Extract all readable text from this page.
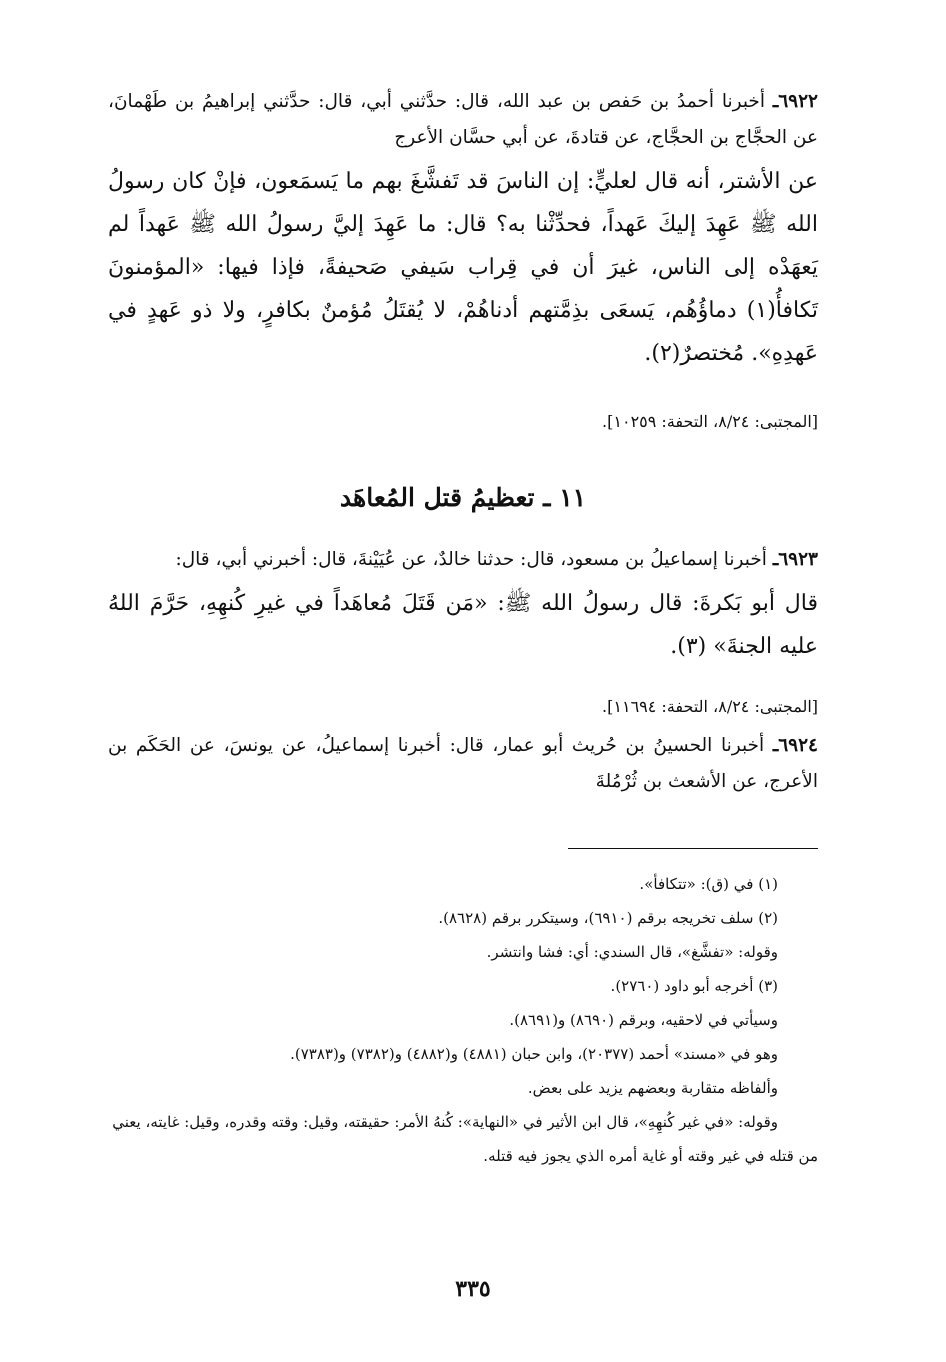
٦٩٢٢ـ أخبرنا أحمدُ بن حَفص بن عبد الله، قال: حدَّثني أبي، قال: حدَّثني إبراهيمُ بن طَهْمانَ، عن الحجَّاج بن الحجَّاج، عن قتادةَ، عن أبي حسَّان الأعرج

عن الأشتر، أنه قال لعليٍّ: إن الناسَ قد تَفشَّغَ بهم ما يَسمَعون، فإنْ كان رسولُ الله ﷺ عَهِدَ إليكَ عَهداً، فحدِّثْنا به؟ قال: ما عَهِدَ إليَّ رسولُ الله ﷺ عَهداً لم يَعهَدْه إلى الناس، غيرَ أن في قِراب سَيفي صَحيفةً، فإذا فيها: «المؤمنونَ تَكافأُ(١) دماؤُهُم، يَسعَى بذِمَّتهم أدناهُمْ، لا يُقتَلُ مُؤمنٌ بكافرٍ، ولا ذو عَهدٍ في عَهدِهِ». مُختصرٌ(٢).

[المجتبى: ٨/٢٤، التحفة: ١٠٢٥٩].

١١ ـ تعظيمُ قتل المُعاهَد

٦٩٢٣ـ أخبرنا إسماعيلُ بن مسعود، قال: حدثنا خالدٌ، عن عُيَيْنةَ، قال: أخبرني أبي، قال:

قال أبو بَكرةَ: قال رسولُ الله ﷺ: «مَن قَتَلَ مُعاهَداً في غيرِ كُنهِهِ، حَرَّمَ اللهُ عليه الجنةَ» (٣).

[المجتبى: ٨/٢٤، التحفة: ١١٦٩٤].

٦٩٢٤ـ أخبرنا الحسينُ بن حُريث أبو عمار، قال: أخبرنا إسماعيلُ، عن يونسَ، عن الحَكَم بن الأعرج، عن الأشعث بن ثُرْمُلةَ

(١) في (ق): «تتكافأ».

(٢) سلف تخريجه برقم (٦٩١٠)، وسيتكرر برقم (٨٦٢٨).

وقوله: «تفشَّغ»، قال السندي: أي: فشا وانتشر.

(٣) أخرجه أبو داود (٢٧٦٠).

وسيأتي في لاحقيه، وبرقم (٨٦٩٠) و(٨٦٩١).

وهو في «مسند» أحمد (٢٠٣٧٧)، وابن حبان (٤٨٨١) و(٤٨٨٢) و(٧٣٨٢) و(٧٣٨٣).

وألفاظه متقاربة وبعضهم يزيد على بعض.

وقوله: «في غير كُنهِهِ»، قال ابن الأثير في «النهاية»: كُنهُ الأمر: حقيقته، وقيل: وقته وقدره، وقيل: غايته، يعني من قتله في غير وقته أو غاية أمره الذي يجوز فيه قتله.

٣٣٥
